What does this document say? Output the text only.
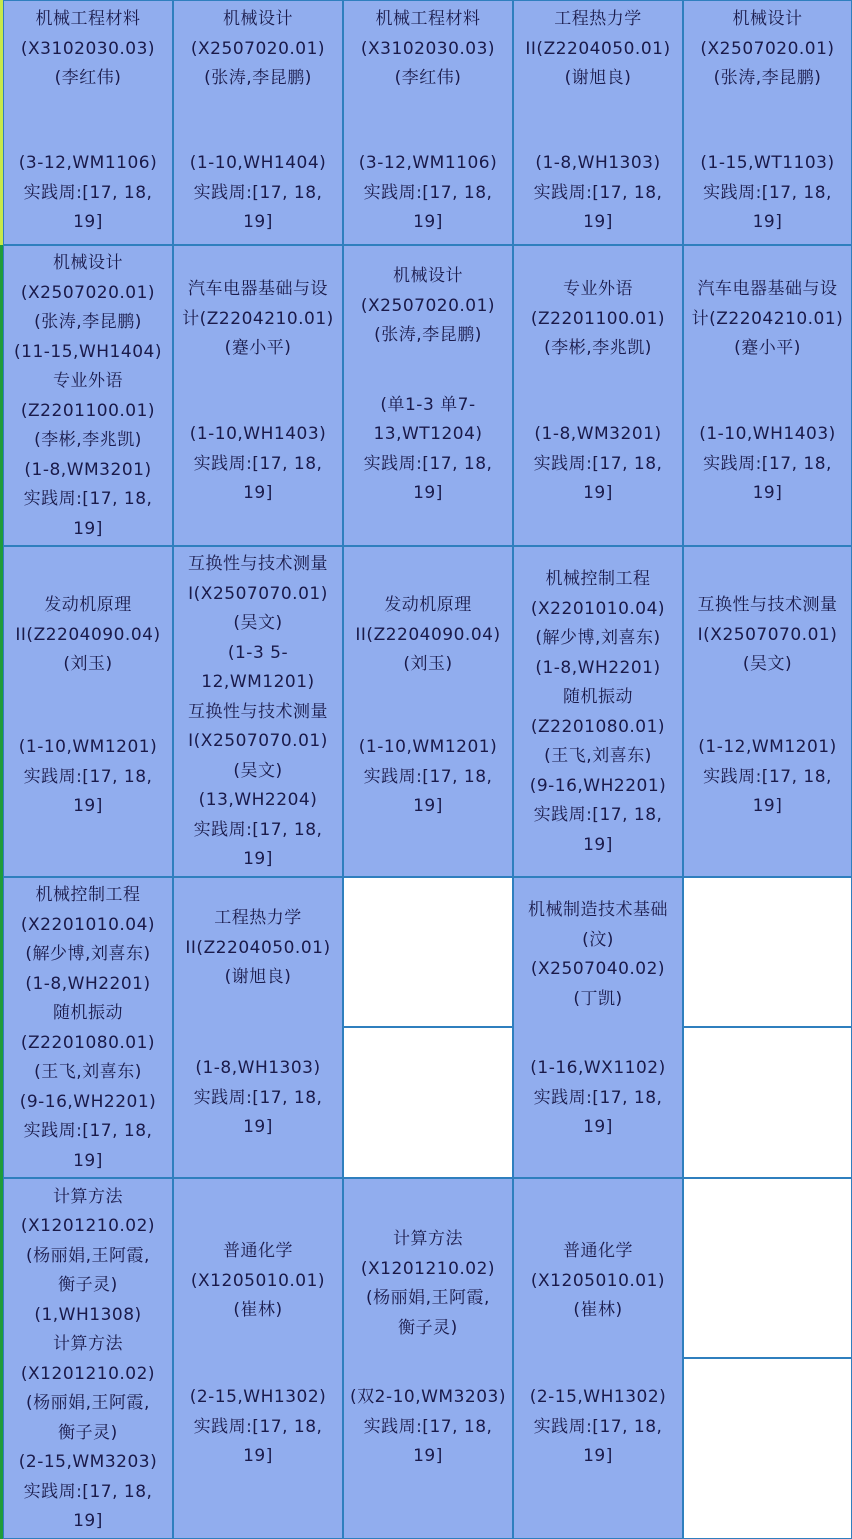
机械工程材料
(X3102030.03)
(李红伟)
(3-12,WM1106)
实践周:[17, 18,
19]
机械设计
(X2507020.01)
(张涛,李昆鹏)
(1-10,WH1404)
实践周:[17, 18,
19]
机械工程材料
(X3102030.03)
(李红伟)
(3-12,WM1106)
实践周:[17, 18,
19]
工程热力学
II(Z2204050.01)
(谢旭良)
(1-8,WH1303)
实践周:[17, 18,
19]
机械设计
(X2507020.01)
(张涛,李昆鹏)
(1-15,WT1103)
实践周:[17, 18,
19]
机械设计
(X2507020.01)
(张涛,李昆鹏)
(11-15,WH1404)
专业外语
(Z2201100.01)
(李彬,李兆凯)
(1-8,WM3201)
实践周:[17, 18,
19]
汽车电器基础与设
计(Z2204210.01)
(蹇小平)
(1-10,WH1403)
实践周:[17, 18,
19]
机械设计
(X2507020.01)
(张涛,李昆鹏)
(单1-3 单7-
13,WT1204)
实践周:[17, 18,
19]
专业外语
(Z2201100.01)
(李彬,李兆凯)
(1-8,WM3201)
实践周:[17, 18,
19]
汽车电器基础与设
计(Z2204210.01)
(蹇小平)
(1-10,WH1403)
实践周:[17, 18,
19]
发动机原理
II(Z2204090.04)
(刘玉)
(1-10,WM1201)
实践周:[17, 18,
19]
互换性与技术测量
I(X2507070.01)
(吴文)
(1-3 5-
12,WM1201)
互换性与技术测量
I(X2507070.01)
(吴文)
(13,WH2204)
实践周:[17, 18,
19]
发动机原理
II(Z2204090.04)
(刘玉)
(1-10,WM1201)
实践周:[17, 18,
19]
机械控制工程
(X2201010.04)
(解少博,刘喜东)
(1-8,WH2201)
随机振动
(Z2201080.01)
(王飞,刘喜东)
(9-16,WH2201)
实践周:[17, 18,
19]
互换性与技术测量
I(X2507070.01)
(吴文)
(1-12,WM1201)
实践周:[17, 18,
19]
机械控制工程
(X2201010.04)
(解少博,刘喜东)
(1-8,WH2201)
随机振动
(Z2201080.01)
(王飞,刘喜东)
(9-16,WH2201)
实践周:[17, 18,
19]
工程热力学
II(Z2204050.01)
(谢旭良)
(1-8,WH1303)
实践周:[17, 18,
19]
机械制造技术基础
(汶)
(X2507040.02)
(丁凯)
(1-16,WX1102)
实践周:[17, 18,
19]
计算方法
(X1201210.02)
(杨丽娟,王阿霞,
衡子灵)
(1,WH1308)
计算方法
(X1201210.02)
(杨丽娟,王阿霞,
衡子灵)
(2-15,WM3203)
实践周:[17, 18,
19]
普通化学
(X1205010.01)
(崔林)
(2-15,WH1302)
实践周:[17, 18,
19]
计算方法
(X1201210.02)
(杨丽娟,王阿霞,
衡子灵)
(双2-10,WM3203)
实践周:[17, 18,
19]
普通化学
(X1205010.01)
(崔林)
(2-15,WH1302)
实践周:[17, 18,
19]
